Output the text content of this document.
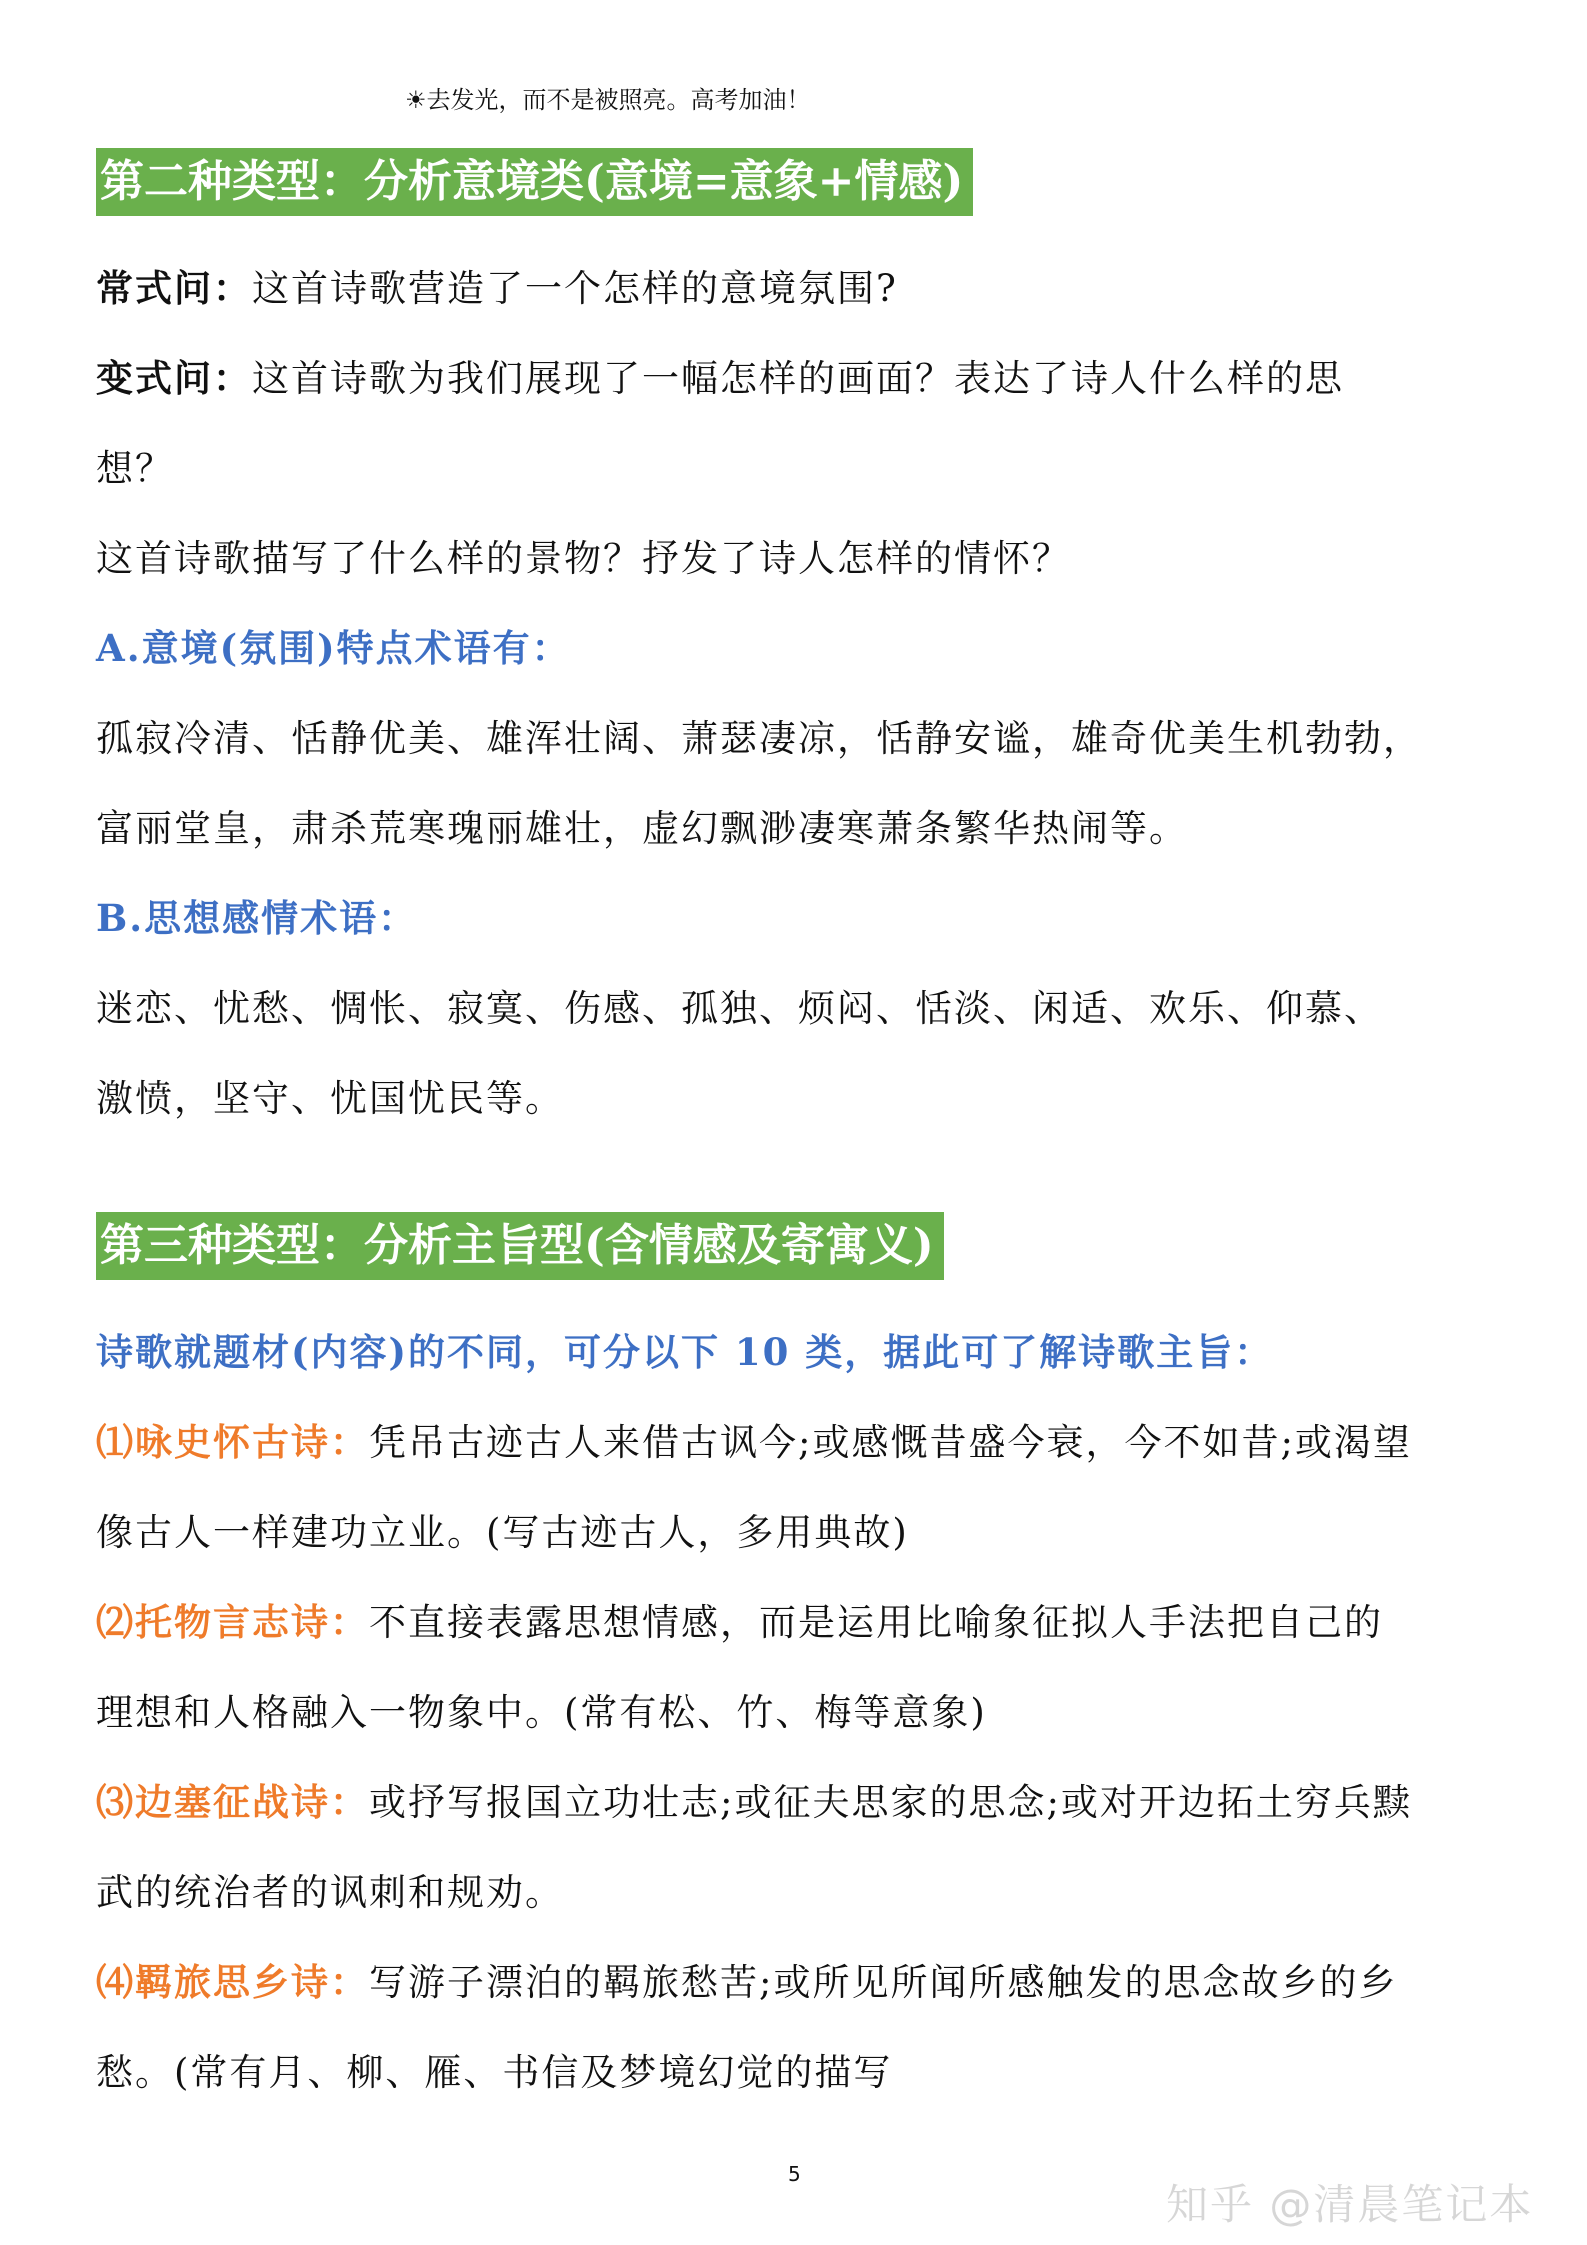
☀去发光，而不是被照亮。高考加油！
第二种类型：分析意境类(意境=意象+情感)
常式问：这首诗歌营造了一个怎样的意境氛围?
变式问：这首诗歌为我们展现了一幅怎样的画面？表达了诗人什么样的思
想？
这首诗歌描写了什么样的景物？抒发了诗人怎样的情怀？
A.意境(氛围)特点术语有：
孤寂冷清、恬静优美、雄浑壮阔、萧瑟凄凉，恬静安谧，雄奇优美生机勃勃，
富丽堂皇，肃杀荒寒瑰丽雄壮，虚幻飘渺凄寒萧条繁华热闹等。
B.思想感情术语：
迷恋、忧愁、惆怅、寂寞、伤感、孤独、烦闷、恬淡、闲适、欢乐、仰慕、
激愤，坚守、忧国忧民等。
第三种类型：分析主旨型(含情感及寄寓义)
诗歌就题材(内容)的不同，可分以下 10 类，据此可了解诗歌主旨：
⑴咏史怀古诗：凭吊古迹古人来借古讽今;或感慨昔盛今衰，今不如昔;或渴望
像古人一样建功立业。(写古迹古人，多用典故)
⑵托物言志诗：不直接表露思想情感，而是运用比喻象征拟人手法把自己的
理想和人格融入一物象中。(常有松、竹、梅等意象)
⑶边塞征战诗：或抒写报国立功壮志;或征夫思家的思念;或对开边拓土穷兵黩
武的统治者的讽刺和规劝。
⑷羁旅思乡诗：写游子漂泊的羁旅愁苦;或所见所闻所感触发的思念故乡的乡
愁。(常有月、柳、雁、书信及梦境幻觉的描写
5
知乎 @清晨笔记本
